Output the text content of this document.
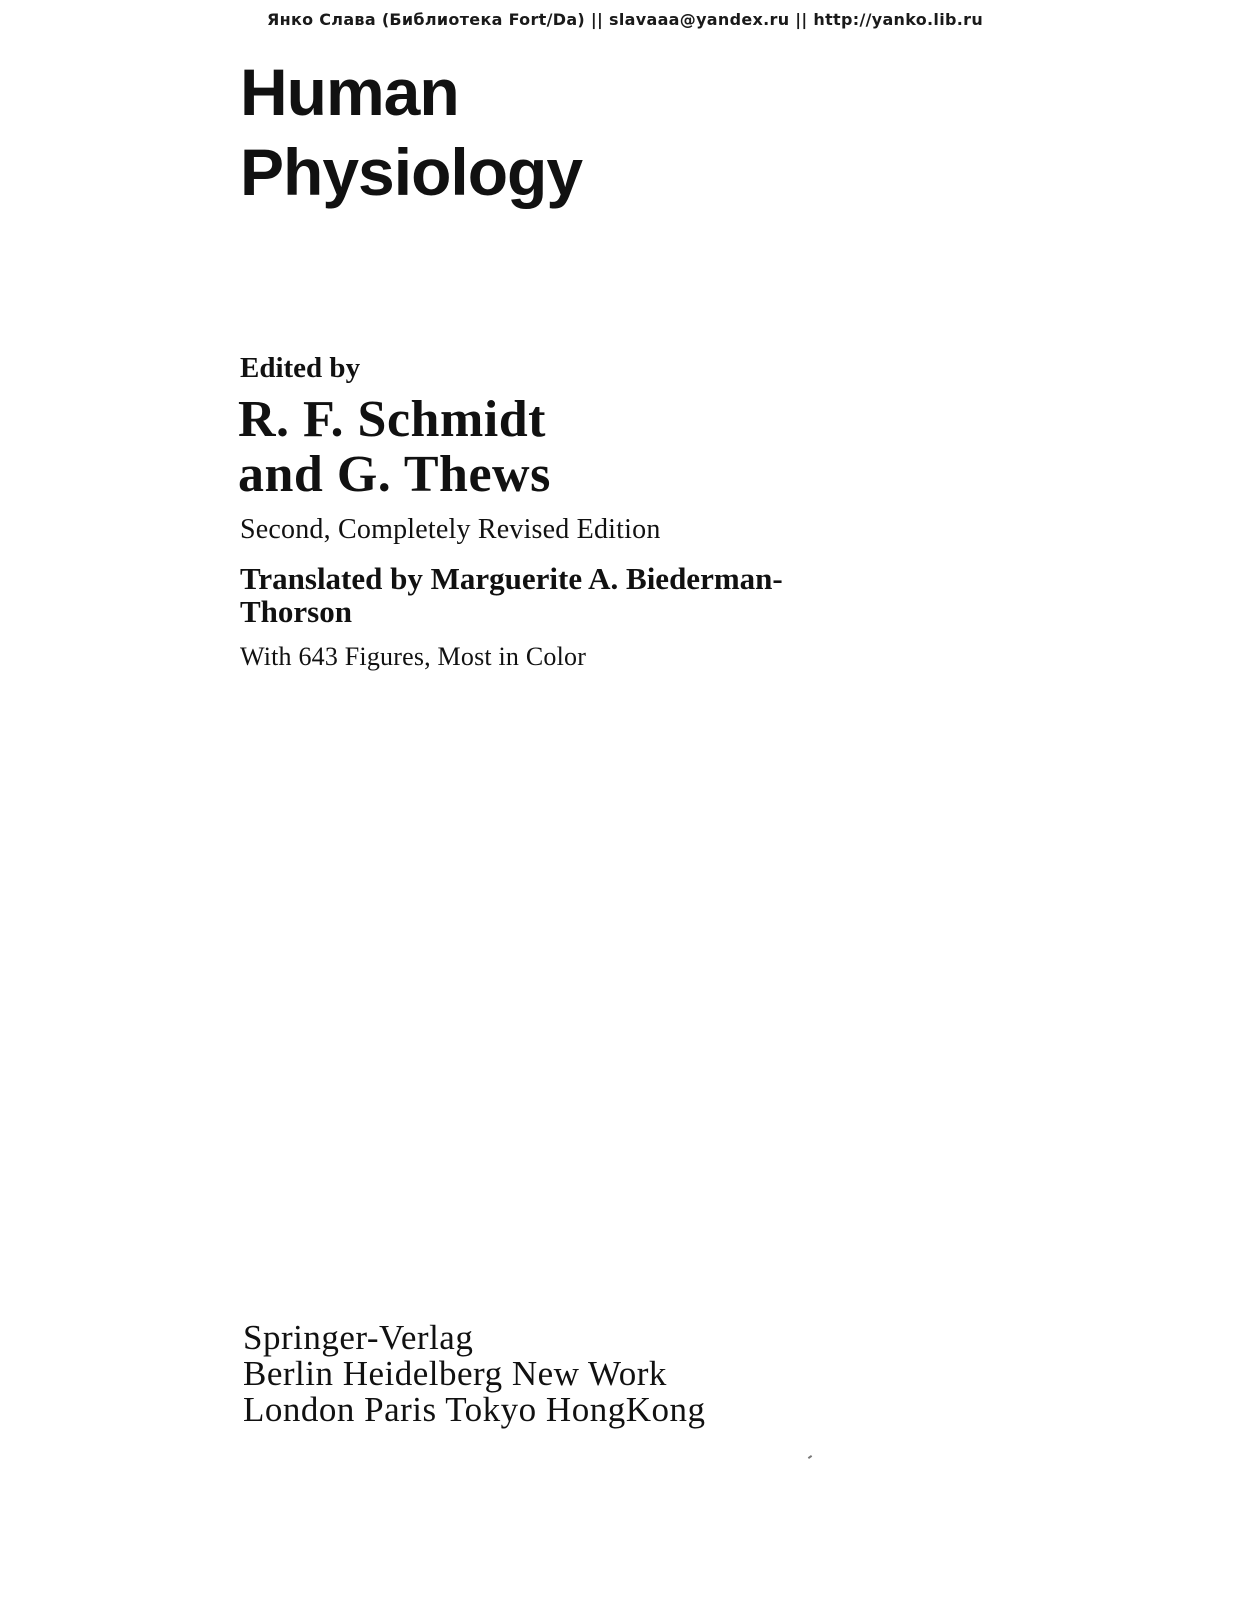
Янко Слава (Библиотека Fort/Da) || slavaaa@yandex.ru || http://yanko.lib.ru
Human
Physiology
Edited by
R. F. Schmidt
and G. Thews
Second, Completely Revised Edition
Translated by Marguerite A. Biederman-
Thorson
With 643 Figures, Most in Color
Springer-Verlag
Berlin Heidelberg New Work
London Paris Tokyo HongKong
